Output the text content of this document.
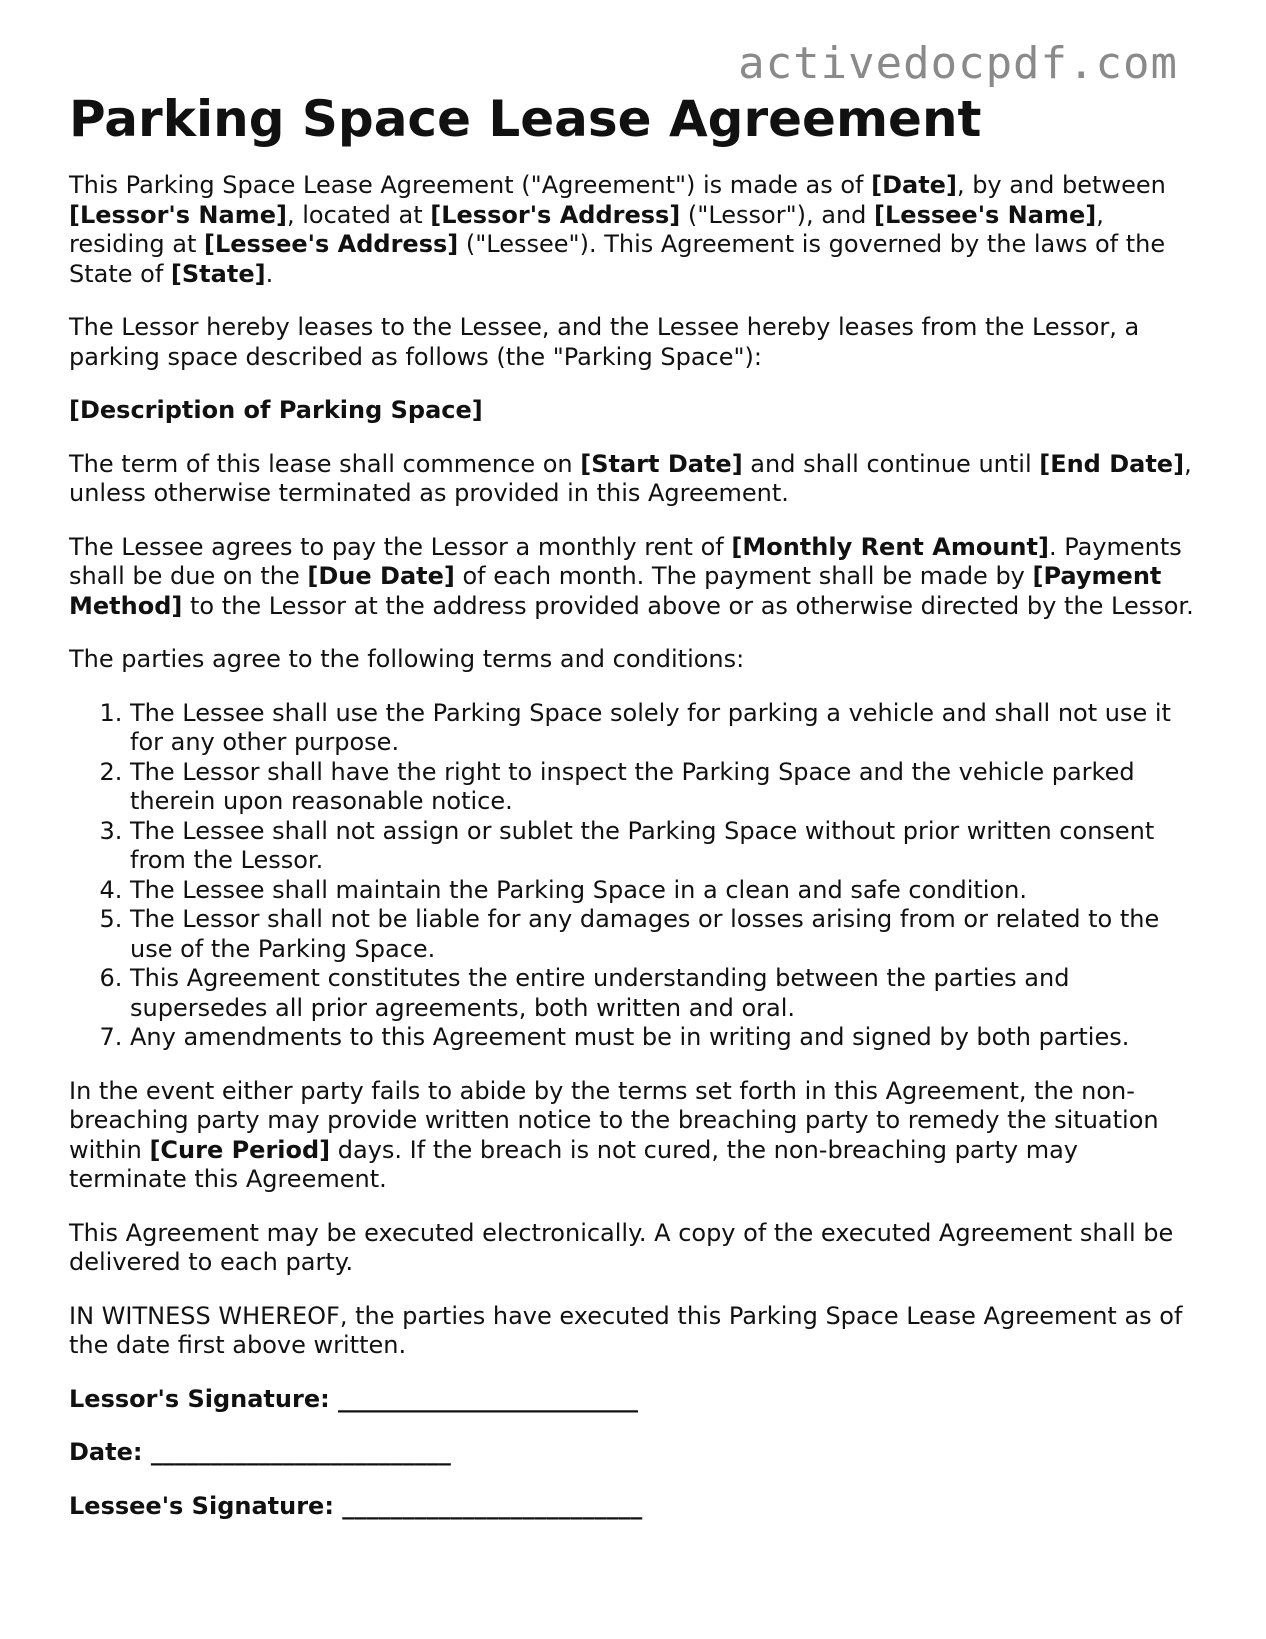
activedocpdf.com
Parking Space Lease Agreement

This Parking Space Lease Agreement ("Agreement") is made as of [Date], by and between [Lessor's Name], located at [Lessor's Address] ("Lessor"), and [Lessee's Name], residing at [Lessee's Address] ("Lessee"). This Agreement is governed by the laws of the State of [State].

The Lessor hereby leases to the Lessee, and the Lessee hereby leases from the Lessor, a parking space described as follows (the "Parking Space"):

[Description of Parking Space]

The term of this lease shall commence on [Start Date] and shall continue until [End Date], unless otherwise terminated as provided in this Agreement.

The Lessee agrees to pay the Lessor a monthly rent of [Monthly Rent Amount]. Payments shall be due on the [Due Date] of each month. The payment shall be made by [Payment Method] to the Lessor at the address provided above or as otherwise directed by the Lessor.

The parties agree to the following terms and conditions:

1. The Lessee shall use the Parking Space solely for parking a vehicle and shall not use it for any other purpose.
2. The Lessor shall have the right to inspect the Parking Space and the vehicle parked therein upon reasonable notice.
3. The Lessee shall not assign or sublet the Parking Space without prior written consent from the Lessor.
4. The Lessee shall maintain the Parking Space in a clean and safe condition.
5. The Lessor shall not be liable for any damages or losses arising from or related to the use of the Parking Space.
6. This Agreement constitutes the entire understanding between the parties and supersedes all prior agreements, both written and oral.
7. Any amendments to this Agreement must be in writing and signed by both parties.

In the event either party fails to abide by the terms set forth in this Agreement, the non-breaching party may provide written notice to the breaching party to remedy the situation within [Cure Period] days. If the breach is not cured, the non-breaching party may terminate this Agreement.

This Agreement may be executed electronically. A copy of the executed Agreement shall be delivered to each party.

IN WITNESS WHEREOF, the parties have executed this Parking Space Lease Agreement as of the date first above written.

Lessor's Signature: _________________________

Date: _________________________

Lessee's Signature: _________________________
